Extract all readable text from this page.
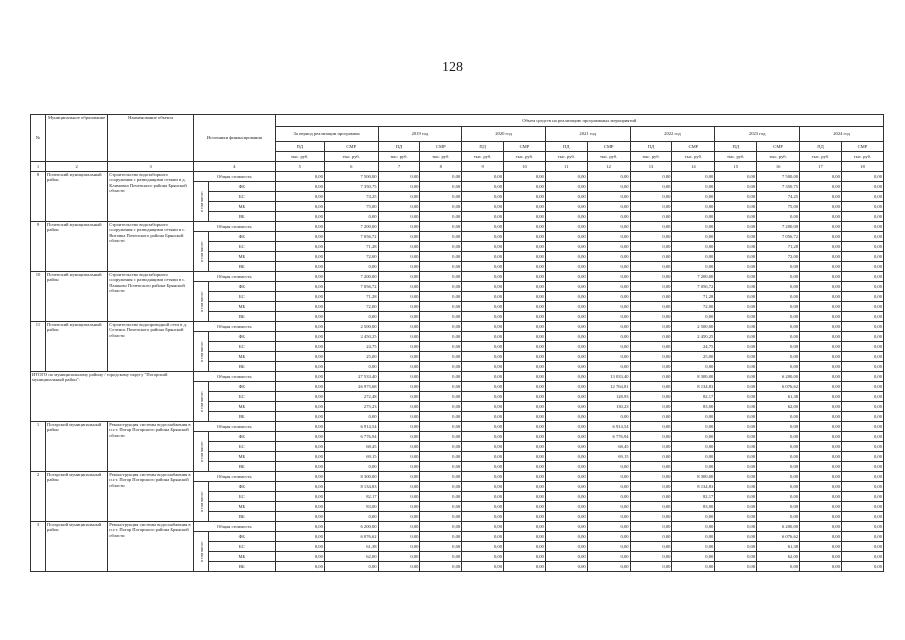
128
№	Муниципальное образование	Наименование объекта	Источники финансирования		Объем средств на реализацию программных мероприятий													
					За период реализации программы		2019 год		2020 год		2021 год		2022 год		2023 год		2024 год	
					ПД	СМР	ПД	СМР	ПД	СМР	ПД	СМР	ПД	СМР	ПД	СМР	ПД	СМР
					тыс. руб.	тыс. руб.	тыс. руб.	тыс. руб.	тыс. руб.	тыс. руб.	тыс. руб.	тыс. руб.	тыс. руб.	тыс. руб.	тыс. руб.	тыс. руб.	тыс. руб.	тыс. руб.
1	2	3	4		5	6	7	8	9	10	11	12	13	14	15	16	17	18
8	Почепский муниципальный район	Строительство водозаборного сооружения с разводящими сетями в д. Климовка Почепского района Брянской области	Общая стоимость		0,00	7 500,00	0,00	0,00	0,00	0,00	0,00	0,00	0,00	0,00	0,00	7 500,00	0,00	0,00
			в том числе:	ФБ	0,00	7 350,75	0,00	0,00	0,00	0,00	0,00	0,00	0,00	0,00	0,00	7 350,75	0,00	0,00
				БС	0,00	74,25	0,00	0,00	0,00	0,00	0,00	0,00	0,00	0,00	0,00	74,25	0,00	0,00
				МБ	0,00	75,00	0,00	0,00	0,00	0,00	0,00	0,00	0,00	0,00	0,00	75,00	0,00	0,00
				ВБ	0,00	0,00	0,00	0,00	0,00	0,00	0,00	0,00	0,00	0,00	0,00	0,00	0,00	0,00
9	Почепский муниципальный район	Строительство водозаборного сооружения с разводящими сетями в с. Витовка Почепского района Брянской области	Общая стоимость		0,00	7 200,00	0,00	0,00	0,00	0,00	0,00	0,00	0,00	0,00	0,00	7 200,00	0,00	0,00
			в том числе:	ФБ	0,00	7 056,72	0,00	0,00	0,00	0,00	0,00	0,00	0,00	0,00	0,00	7 056,72	0,00	0,00
				БС	0,00	71,28	0,00	0,00	0,00	0,00	0,00	0,00	0,00	0,00	0,00	71,28	0,00	0,00
				МБ	0,00	72,00	0,00	0,00	0,00	0,00	0,00	0,00	0,00	0,00	0,00	72,00	0,00	0,00
				ВБ	0,00	0,00	0,00	0,00	0,00	0,00	0,00	0,00	0,00	0,00	0,00	0,00	0,00	0,00
10	Почепский муниципальный район	Строительство водозаборного сооружения с разводящими сетями в с. Пашково Почепского района Брянской области	Общая стоимость		0,00	7 200,00	0,00	0,00	0,00	0,00	0,00	0,00	0,00	7 200,00	0,00	0,00	0,00	0,00
			в том числе:	ФБ	0,00	7 056,72	0,00	0,00	0,00	0,00	0,00	0,00	0,00	7 056,72	0,00	0,00	0,00	0,00
				БС	0,00	71,28	0,00	0,00	0,00	0,00	0,00	0,00	0,00	71,28	0,00	0,00	0,00	0,00
				МБ	0,00	72,00	0,00	0,00	0,00	0,00	0,00	0,00	0,00	72,00	0,00	0,00	0,00	0,00
				ВБ	0,00	0,00	0,00	0,00	0,00	0,00	0,00	0,00	0,00	0,00	0,00	0,00	0,00	0,00
11	Почепский муниципальный район	Строительство водопроводной сети в д. Селенск Почепского района Брянской области	Общая стоимость		0,00	2 500,00	0,00	0,00	0,00	0,00	0,00	0,00	0,00	2 500,00	0,00	0,00	0,00	0,00
			в том числе:	ФБ	0,00	2 450,25	0,00	0,00	0,00	0,00	0,00	0,00	0,00	2 450,25	0,00	0,00	0,00	0,00
				БС	0,00	24,75	0,00	0,00	0,00	0,00	0,00	0,00	0,00	24,75	0,00	0,00	0,00	0,00
				МБ	0,00	25,00	0,00	0,00	0,00	0,00	0,00	0,00	0,00	25,00	0,00	0,00	0,00	0,00
				ВБ	0,00	0,00	0,00	0,00	0,00	0,00	0,00	0,00	0,00	0,00	0,00	0,00	0,00	0,00
ИТОГО по муниципальному району / городскому округу "Погарский муниципальный район":			Общая стоимость		0,00	27 533,40	0,00	0,00	0,00	0,00	0,00	13 033,40	0,00	8 300,00	0,00	6 200,00	0,00	0,00
			в том числе:	ФБ	0,00	26 975,68	0,00	0,00	0,00	0,00	0,00	12 764,81	0,00	8 134,83	0,00	6 076,62	0,00	0,00
				БС	0,00	272,48	0,00	0,00	0,00	0,00	0,00	128,93	0,00	82,17	0,00	61,38	0,00	0,00
				МБ	0,00	275,23	0,00	0,00	0,00	0,00	0,00	130,23	0,00	83,00	0,00	62,00	0,00	0,00
				ВБ	0,00	0,00	0,00	0,00	0,00	0,00	0,00	0,00	0,00	0,00	0,00	0,00	0,00	0,00
1	Погарский муниципальный район	Реконструкция системы водоснабжения в п.г.т. Погар Погарского района Брянской области	Общая стоимость		0,00	6 914,54	0,00	0,00	0,00	0,00	0,00	6 914,54	0,00	0,00	0,00	0,00	0,00	0,00
			в том числе:	ФБ	0,00	6 776,94	0,00	0,00	0,00	0,00	0,00	6 776,94	0,00	0,00	0,00	0,00	0,00	0,00
				БС	0,00	68,45	0,00	0,00	0,00	0,00	0,00	68,45	0,00	0,00	0,00	0,00	0,00	0,00
				МБ	0,00	69,15	0,00	0,00	0,00	0,00	0,00	69,15	0,00	0,00	0,00	0,00	0,00	0,00
				ВБ	0,00	0,00	0,00	0,00	0,00	0,00	0,00	0,00	0,00	0,00	0,00	0,00	0,00	0,00
2	Погарский муниципальный район	Реконструкция системы водоснабжения в п.г.т. Погар Погарского района Брянской области	Общая стоимость		0,00	8 300,00	0,00	0,00	0,00	0,00	0,00	0,00	0,00	8 300,00	0,00	0,00	0,00	0,00
			в том числе:	ФБ	0,00	8 134,83	0,00	0,00	0,00	0,00	0,00	0,00	0,00	8 134,83	0,00	0,00	0,00	0,00
				БС	0,00	82,17	0,00	0,00	0,00	0,00	0,00	0,00	0,00	82,17	0,00	0,00	0,00	0,00
				МБ	0,00	83,00	0,00	0,00	0,00	0,00	0,00	0,00	0,00	83,00	0,00	0,00	0,00	0,00
				ВБ	0,00	0,00	0,00	0,00	0,00	0,00	0,00	0,00	0,00	0,00	0,00	0,00	0,00	0,00
3	Погарский муниципальный район	Реконструкция системы водоснабжения в п.г.т. Погар Погарского района Брянской области	Общая стоимость		0,00	6 200,00	0,00	0,00	0,00	0,00	0,00	0,00	0,00	0,00	0,00	6 200,00	0,00	0,00
			в том числе:	ФБ	0,00	6 076,62	0,00	0,00	0,00	0,00	0,00	0,00	0,00	0,00	0,00	6 076,62	0,00	0,00
				БС	0,00	61,38	0,00	0,00	0,00	0,00	0,00	0,00	0,00	0,00	0,00	61,38	0,00	0,00
				МБ	0,00	62,00	0,00	0,00	0,00	0,00	0,00	0,00	0,00	0,00	0,00	62,00	0,00	0,00
				ВБ	0,00	0,00	0,00	0,00	0,00	0,00	0,00	0,00	0,00	0,00	0,00	0,00	0,00	0,00
